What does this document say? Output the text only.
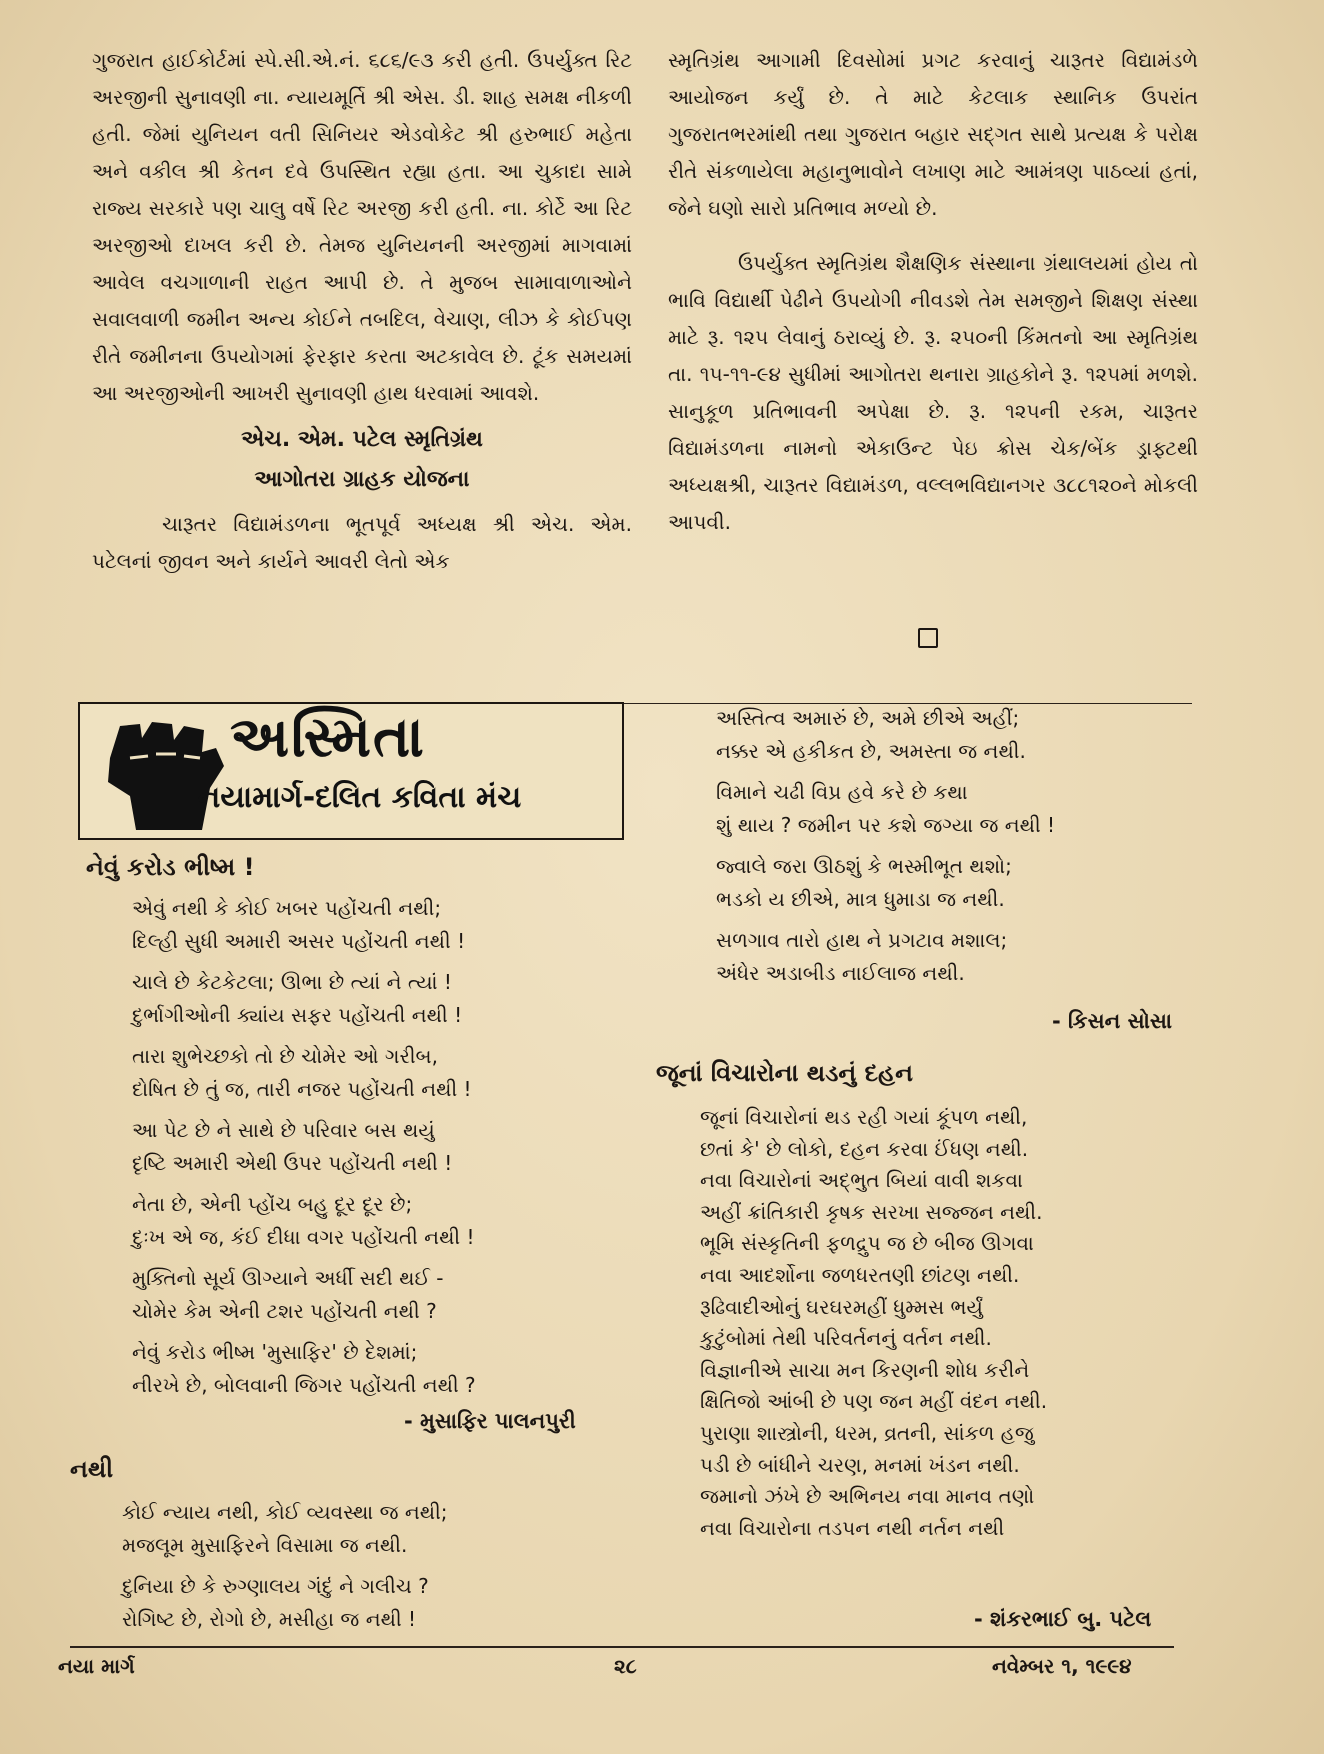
ગુજરાત હાઈકોર્ટમાં સ્પે.સી.એ.નં. ૬૮૬/૯૩ કરી હતી. ઉપર્યુક્ત રિટ અરજીની સુનાવણી ના. ન્યાયમૂર્તિ શ્રી એસ. ડી. શાહ સમક્ષ નીકળી હતી. જેમાં યુનિયન વતી સિનિયર એડવોકેટ શ્રી હરુભાઈ મહેતા અને વકીલ શ્રી કેતન દવે ઉપસ્થિત રહ્યા હતા. આ ચુકાદા સામે રાજ્ય સરકારે પણ ચાલુ વર્ષે રિટ અરજી કરી હતી. ના. કોર્ટે આ રિટ અરજીઓ દાખલ કરી છે. તેમજ યુનિયનની અરજીમાં માગવામાં આવેલ વચગાળાની રાહત આપી છે. તે મુજબ સામાવાળાઓને સવાલવાળી જમીન અન્ય કોઈને તબદિલ, વેચાણ, લીઝ કે કોઈપણ રીતે જમીનના ઉપયોગમાં ફેરફાર કરતા અટકાવેલ છે. ટૂંક સમયમાં આ અરજીઓની આખરી સુનાવણી હાથ ધરવામાં આવશે.

એચ. એમ. પટેલ સ્મૃતિગ્રંથ
આગોતરા ગ્રાહક યોજના

ચારૂતર વિદ્યામંડળના ભૂતપૂર્વ અધ્યક્ષ શ્રી એચ. એમ. પટેલનાં જીવન અને કાર્યને આવરી લેતો એક

સ્મૃતિગ્રંથ આગામી દિવસોમાં પ્રગટ કરવાનું ચારૂતર વિદ્યામંડળે આયોજન કર્યું છે. તે માટે કેટલાક સ્થાનિક ઉપરાંત ગુજરાતભરમાંથી તથા ગુજરાત બહાર સદ્‌ગત સાથે પ્રત્યક્ષ કે પરોક્ષ રીતે સંકળાયેલા મહાનુભાવોને લખાણ માટે આમંત્રણ પાઠવ્યાં હતાં, જેને ઘણો સારો પ્રતિભાવ મળ્યો છે.

ઉપર્યુક્ત સ્મૃતિગ્રંથ શૈક્ષણિક સંસ્થાના ગ્રંથાલયમાં હોય તો ભાવિ વિદ્યાર્થી પેઢીને ઉપયોગી નીવડશે તેમ સમજીને શિક્ષણ સંસ્થા માટે રૂ. ૧૨૫ લેવાનું ઠરાવ્યું છે. રૂ. ૨૫૦ની કિંમતનો આ સ્મૃતિગ્રંથ તા. ૧૫-૧૧-૯૪ સુધીમાં આગોતરા થનારા ગ્રાહકોને રૂ. ૧૨૫માં મળશે. સાનુકૂળ પ્રતિભાવની અપેક્ષા છે. રૂ. ૧૨૫ની રકમ, ચારૂતર વિદ્યામંડળના નામનો એકાઉન્ટ પેઇ ક્રોસ ચેક/બેંક ડ્રાફ્ટથી અધ્યક્ષશ્રી, ચારૂતર વિદ્યામંડળ, વલ્લભવિદ્યાનગર ૩૮૮૧૨૦ને મોકલી આપવી.

અસ્મિતા
નયામાર્ગ-દલિત કવિતા મંચ
નેવું કરોડ ભીષ્મ !
એવું નથી કે કોઈ ખબર પહોંચતી નથી;
દિલ્હી સુધી અમારી અસર પહોંચતી નથી !
ચાલે છે કેટકેટલા; ઊભા છે ત્યાં ને ત્યાં !
દુર્ભાગીઓની ક્યાંય સફર પહોંચતી નથી !
તારા શુભેચ્છકો તો છે ચોમેર ઓ ગરીબ,
દોષિત છે તું જ, તારી નજર પહોંચતી નથી !
આ પેટ છે ને સાથે છે પરિવાર બસ થયું
દૃષ્ટિ અમારી એથી ઉપર પહોંચતી નથી !
નેતા છે, એની પ્હોંચ બહુ દૂર દૂર છે;
દુઃખ એ જ, કંઈ દીધા વગર પહોંચતી નથી !
મુક્તિનો સૂર્ય ઊગ્યાને અર્ધી સદી થઈ -
ચોમેર કેમ એની ટશર પહોંચતી નથી ?
નેવું કરોડ ભીષ્મ 'મુસાફિર' છે દેશમાં;
નીરખે છે, બોલવાની જિગર પહોંચતી નથી ?
- મુસાફિર પાલનપુરી
નથી
કોઈ ન્યાય નથી, કોઈ વ્યવસ્થા જ નથી;
મજલૂમ મુસાફિરને વિસામા જ નથી.
દુનિયા છે કે રુગ્ણાલય ગંદું ને ગલીચ ?
રોગિષ્ટ છે, રોગો છે, મસીહા જ નથી !
અસ્તિત્વ અમારું છે, અમે છીએ અહીં;
નક્કર એ હકીકત છે, અમસ્તા જ નથી.
વિમાને ચઢી વિપ્ર હવે કરે છે કથા
શું થાય ? જમીન પર કશે જગ્યા જ નથી !
જ્વાલે જરા ઊઠશું કે ભસ્મીભૂત થશો;
ભડકો ય છીએ, માત્ર ધુમાડા જ નથી.
સળગાવ તારો હાથ ને પ્રગટાવ મશાલ;
અંધેર અડાબીડ નાઈલાજ નથી.
- કિસન સોસા
જૂનાં વિચારોના થડનું દહન
જૂનાં વિચારોનાં થડ રહી ગયાં કૂંપળ નથી,
છતાં કે' છે લોકો, દહન કરવા ઈંધણ નથી.
નવા વિચારોનાં અદ્‌ભુત બિયાં વાવી શકવા
અહીં ક્રાંતિકારી કૃષક સરખા સજ્જન નથી.
ભૂમિ સંસ્કૃતિની ફળદ્રુપ જ છે બીજ ઊગવા
નવા આદર્શોના જળધરતણી છાંટણ નથી.
રૂઢિવાદીઓનું ઘરઘરમહીં ધુમ્મસ ભર્યું
કુટુંબોમાં તેથી પરિવર્તનનું વર્તન નથી.
વિજ્ઞાનીએ સાચા મન કિરણની શોધ કરીને
ક્ષિતિજો આંબી છે પણ જન મહીં વંદન નથી.
પુરાણા શાસ્ત્રોની, ધરમ, વ્રતની, સાંકળ હજુ
પડી છે બાંધીને ચરણ, મનમાં ખંડન નથી.
જમાનો ઝંખે છે અભિનય નવા માનવ તણો
નવા વિચારોના તડપન નથી નર્તન નથી
- શંકરભાઈ બુ. પટેલ
નયા માર્ગ	૨૮	નવેમ્બર ૧, ૧૯૯૪
